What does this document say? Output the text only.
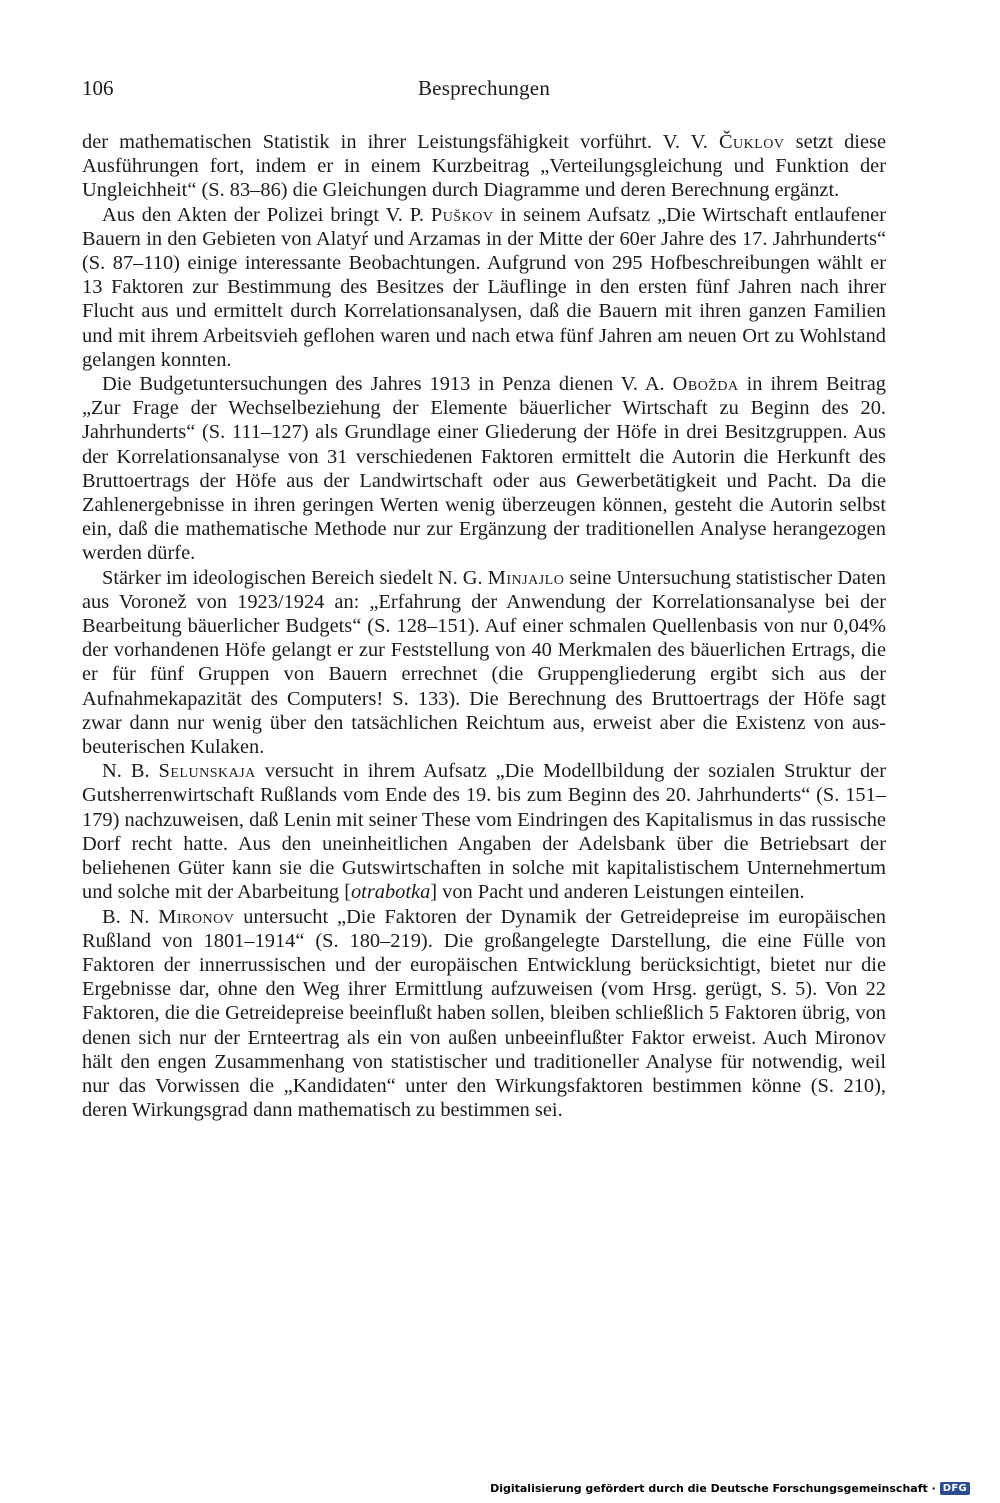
106	Besprechungen

der mathematischen Statistik in ihrer Leistungsfähigkeit vorführt. V. V. Čuklov setzt diese Ausführungen fort, indem er in einem Kurzbeitrag „Verteilungsgleichung und Funktion der Ungleichheit“ (S. 83–86) die Gleichungen durch Diagramme und deren Berechnung ergänzt.

Aus den Akten der Polizei bringt V. P. Puškov in seinem Aufsatz „Die Wirtschaft entlaufener Bauern in den Gebieten von Alatyŕ und Arzamas in der Mitte der 60er Jahre des 17. Jahrhunderts“ (S. 87–110) einige interessante Beobachtungen. Aufgrund von 295 Hofbeschreibungen wählt er 13 Faktoren zur Bestimmung des Besitzes der Läuflinge in den ersten fünf Jahren nach ihrer Flucht aus und ermittelt durch Korrelationsanalysen, daß die Bauern mit ihren ganzen Familien und mit ihrem Arbeitsvieh geflohen waren und nach etwa fünf Jahren am neuen Ort zu Wohlstand gelangen konnten.

Die Budgetuntersuchungen des Jahres 1913 in Penza dienen V. A. Obožda in ihrem Beitrag „Zur Frage der Wechselbeziehung der Elemente bäuerlicher Wirtschaft zu Beginn des 20. Jahrhunderts“ (S. 111–127) als Grundlage einer Gliederung der Höfe in drei Besitzgruppen. Aus der Korrelationsanalyse von 31 verschiedenen Faktoren ermittelt die Autorin die Herkunft des Bruttoertrags der Höfe aus der Landwirtschaft oder aus Gewerbetätigkeit und Pacht. Da die Zahlenergebnisse in ihren geringen Werten wenig überzeugen können, gesteht die Autorin selbst ein, daß die mathematische Methode nur zur Ergänzung der traditionellen Analyse herangezogen werden dürfe.

Stärker im ideologischen Bereich siedelt N. G. Minjajlo seine Untersuchung statistischer Daten aus Voronež von 1923/1924 an: „Erfahrung der Anwendung der Korrelationsanalyse bei der Bearbeitung bäuerlicher Budgets“ (S. 128–151). Auf einer schmalen Quellenbasis von nur 0,04% der vorhandenen Höfe gelangt er zur Feststellung von 40 Merkmalen des bäuerlichen Ertrags, die er für fünf Gruppen von Bauern errechnet (die Gruppengliederung ergibt sich aus der Aufnahmekapazität des Computers! S. 133). Die Berechnung des Bruttoertrags der Höfe sagt zwar dann nur wenig über den tatsächlichen Reichtum aus, erweist aber die Existenz von ausbeuterischen Kulaken.

N. B. Selunskaja versucht in ihrem Aufsatz „Die Modellbildung der sozialen Struktur der Gutsherrenwirtschaft Rußlands vom Ende des 19. bis zum Beginn des 20. Jahrhunderts“ (S. 151–179) nachzuweisen, daß Lenin mit seiner These vom Eindringen des Kapitalismus in das russische Dorf recht hatte. Aus den uneinheitlichen Angaben der Adelsbank über die Betriebsart der beliehenen Güter kann sie die Gutswirtschaften in solche mit kapitalistischem Unternehmertum und solche mit der Abarbeitung [otrabotka] von Pacht und anderen Leistungen einteilen.

B. N. Mironov untersucht „Die Faktoren der Dynamik der Getreidepreise im europäischen Rußland von 1801–1914“ (S. 180–219). Die großangelegte Darstellung, die eine Fülle von Faktoren der innerrussischen und der europäischen Entwicklung berücksichtigt, bietet nur die Ergebnisse dar, ohne den Weg ihrer Ermittlung aufzuweisen (vom Hrsg. gerügt, S. 5). Von 22 Faktoren, die die Getreidepreise beeinflußt haben sollen, bleiben schließlich 5 Faktoren übrig, von denen sich nur der Ernteertrag als ein von außen unbeeinflußter Faktor erweist. Auch Mironov hält den engen Zusammenhang von statistischer und traditioneller Analyse für notwendig, weil nur das Vorwissen die „Kandidaten“ unter den Wirkungsfaktoren bestimmen könne (S. 210), deren Wirkungsgrad dann mathematisch zu bestimmen sei.

Digitalisierung gefördert durch die Deutsche Forschungsgemeinschaft · DFG
